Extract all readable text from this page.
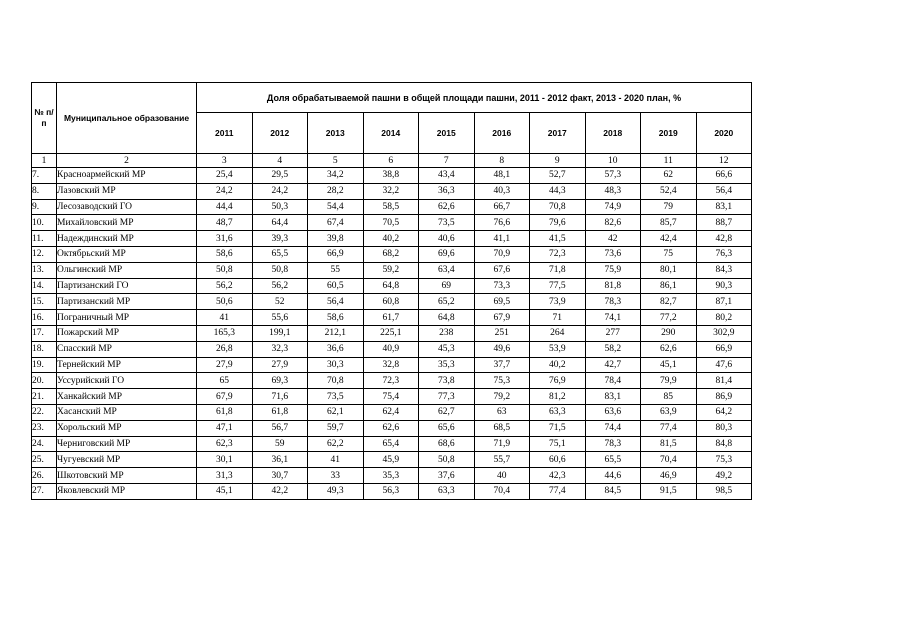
№ п/п	Муниципальное образование	Доля обрабатываемой пашни в общей площади пашни, 2011 - 2012 факт, 2013 - 2020 план, %									
		2011	2012	2013	2014	2015	2016	2017	2018	2019	2020
1	2	3	4	5	6	7	8	9	10	11	12
7.	Красноармейский МР	25,4	29,5	34,2	38,8	43,4	48,1	52,7	57,3	62	66,6
8.	Лазовский МР	24,2	24,2	28,2	32,2	36,3	40,3	44,3	48,3	52,4	56,4
9.	Лесозаводский ГО	44,4	50,3	54,4	58,5	62,6	66,7	70,8	74,9	79	83,1
10.	Михайловский МР	48,7	64,4	67,4	70,5	73,5	76,6	79,6	82,6	85,7	88,7
11.	Надеждинский МР	31,6	39,3	39,8	40,2	40,6	41,1	41,5	42	42,4	42,8
12.	Октябрьский МР	58,6	65,5	66,9	68,2	69,6	70,9	72,3	73,6	75	76,3
13.	Ольгинский МР	50,8	50,8	55	59,2	63,4	67,6	71,8	75,9	80,1	84,3
14.	Партизанский ГО	56,2	56,2	60,5	64,8	69	73,3	77,5	81,8	86,1	90,3
15.	Партизанский МР	50,6	52	56,4	60,8	65,2	69,5	73,9	78,3	82,7	87,1
16.	Пограничный МР	41	55,6	58,6	61,7	64,8	67,9	71	74,1	77,2	80,2
17.	Пожарский МР	165,3	199,1	212,1	225,1	238	251	264	277	290	302,9
18.	Спасский МР	26,8	32,3	36,6	40,9	45,3	49,6	53,9	58,2	62,6	66,9
19.	Тернейский МР	27,9	27,9	30,3	32,8	35,3	37,7	40,2	42,7	45,1	47,6
20.	Уссурийский ГО	65	69,3	70,8	72,3	73,8	75,3	76,9	78,4	79,9	81,4
21.	Ханкайский МР	67,9	71,6	73,5	75,4	77,3	79,2	81,2	83,1	85	86,9
22.	Хасанский МР	61,8	61,8	62,1	62,4	62,7	63	63,3	63,6	63,9	64,2
23.	Хорольский МР	47,1	56,7	59,7	62,6	65,6	68,5	71,5	74,4	77,4	80,3
24.	Черниговский МР	62,3	59	62,2	65,4	68,6	71,9	75,1	78,3	81,5	84,8
25.	Чугуевский МР	30,1	36,1	41	45,9	50,8	55,7	60,6	65,5	70,4	75,3
26.	Шкотовский МР	31,3	30,7	33	35,3	37,6	40	42,3	44,6	46,9	49,2
27.	Яковлевский МР	45,1	42,2	49,3	56,3	63,3	70,4	77,4	84,5	91,5	98,5
